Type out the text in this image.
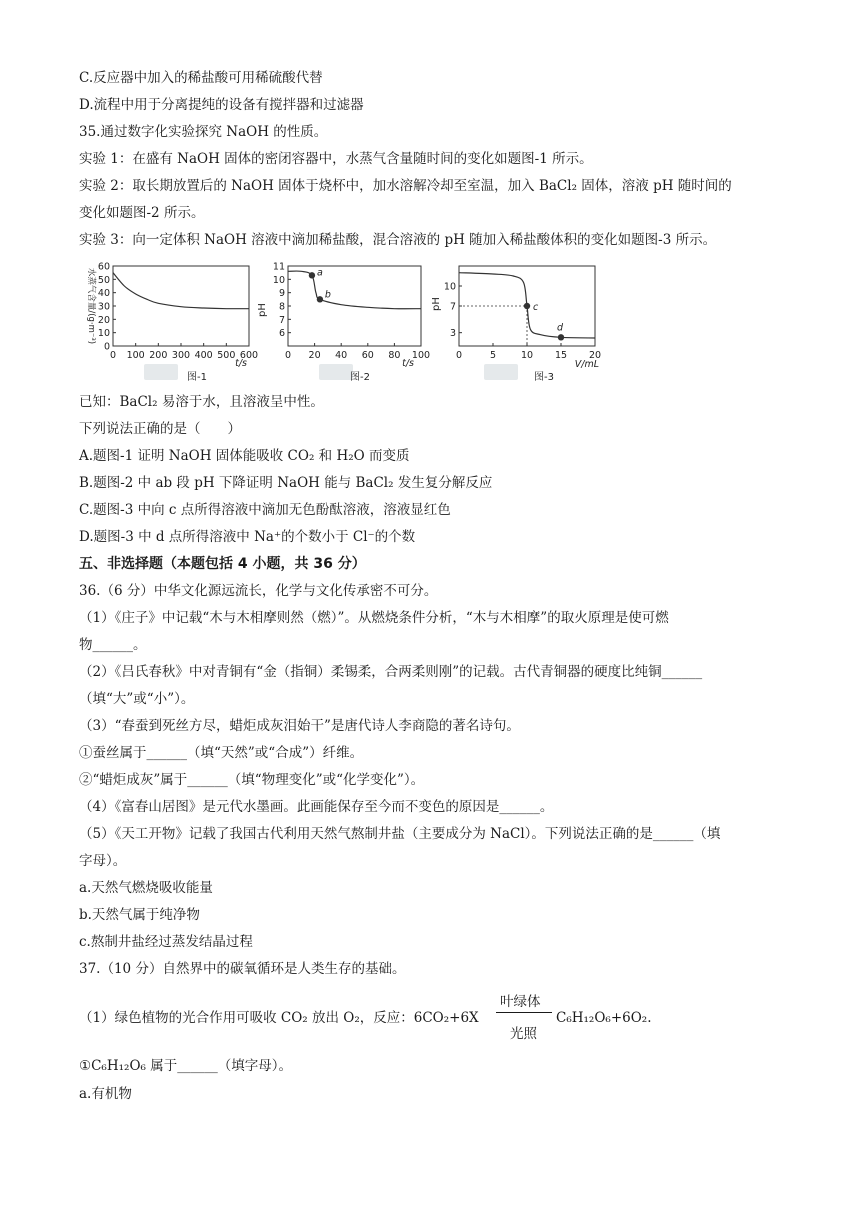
C.反应器中加入的稀盐酸可用稀硫酸代替
D.流程中用于分离提纯的设备有搅拌器和过滤器
35.通过数字化实验探究 NaOH 的性质。
实验 1：在盛有 NaOH 固体的密闭容器中，水蒸气含量随时间的变化如题图-1 所示。
实验 2：取长期放置后的 NaOH 固体于烧杯中，加水溶解冷却至室温，加入 BaCl₂ 固体，溶液 pH 随时间的
变化如题图-2 所示。
实验 3：向一定体积 NaOH 溶液中滴加稀盐酸，混合溶液的 pH 随加入稀盐酸体积的变化如题图-3 所示。
0
10
20
30
40
50
60
0 100 200 300 400 500 600
水蒸气含量/(g·m⁻³)
t/s
图-1
6
7
8
9
10
11
0 20 40 60 80 100
a
b
pH
t/s
图-2
3
7
10
0	5	10 15 20
c
d
pH
V/mL
图-3
已知：BaCl₂ 易溶于水，且溶液呈中性。
下列说法正确的是（　　）
A.题图-1 证明 NaOH 固体能吸收 CO₂ 和 H₂O 而变质
B.题图-2 中 ab 段 pH 下降证明 NaOH 能与 BaCl₂ 发生复分解反应
C.题图-3 中向 c 点所得溶液中滴加无色酚酞溶液，溶液显红色
D.题图-3 中 d 点所得溶液中 Na⁺的个数小于 Cl⁻的个数
五、非选择题（本题包括 4 小题，共 36 分）
36.（6 分）中华文化源远流长，化学与文化传承密不可分。
（1）《庄子》中记载“木与木相摩则然（燃）”。从燃烧条件分析，“木与木相摩”的取火原理是使可燃
物______。
（2）《吕氏春秋》中对青铜有“金（指铜）柔锡柔，合两柔则刚”的记载。古代青铜器的硬度比纯铜______
（填“大”或“小”）。
（3）“春蚕到死丝方尽，蜡炬成灰泪始干”是唐代诗人李商隐的著名诗句。
①蚕丝属于______（填“天然”或“合成”）纤维。
②“蜡炬成灰”属于______（填“物理变化”或“化学变化”）。
（4）《富春山居图》是元代水墨画。此画能保存至今而不变色的原因是______。
（5）《天工开物》记载了我国古代利用天然气熬制井盐（主要成分为 NaCl）。下列说法正确的是______（填
字母）。
a.天然气燃烧吸收能量
b.天然气属于纯净物
c.熬制井盐经过蒸发结晶过程
37.（10 分）自然界中的碳氧循环是人类生存的基础。
（1）绿色植物的光合作用可吸收 CO₂ 放出 O₂，反应：6CO₂+6X
叶绿体
光照
C₆H₁₂O₆+6O₂.
①C₆H₁₂O₆ 属于______（填字母）。
a.有机物
